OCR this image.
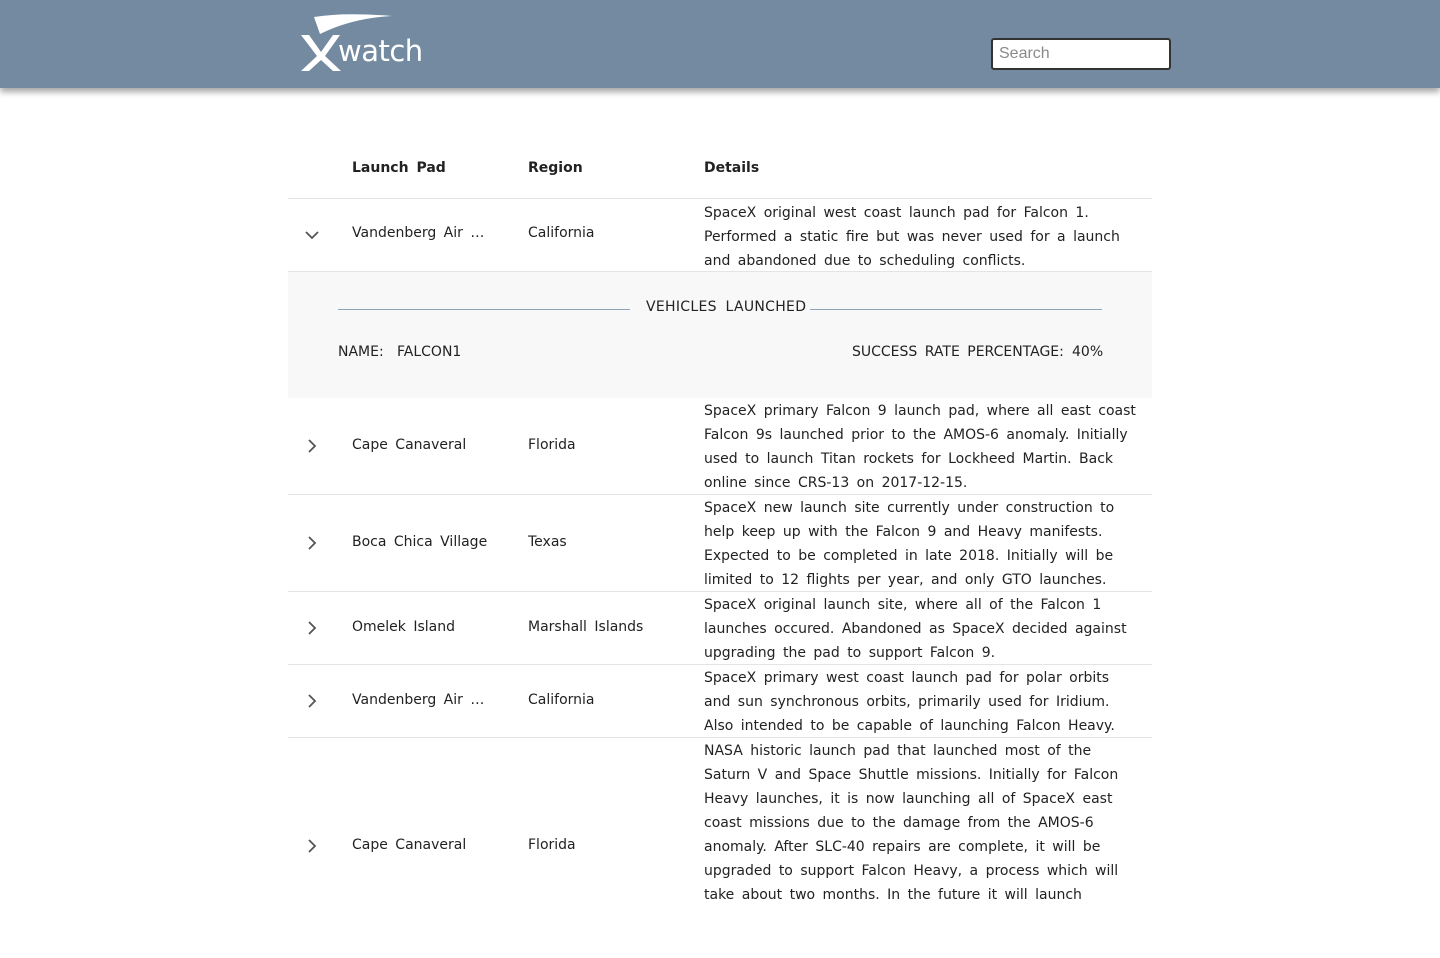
watch
Search
Launch Pad	Region	Details
Vandenberg Air F…	California
SpaceX original west coast launch pad for Falcon 1. Performed a static fire but was never used for a launch and abandoned due to scheduling conflicts.
VEHICLES LAUNCHED
NAME: FALCON1	SUCCESS RATE PERCENTAGE: 40%
Cape Canaveral	Florida
SpaceX primary Falcon 9 launch pad, where all east coast Falcon 9s launched prior to the AMOS-6 anomaly. Initially used to launch Titan rockets for Lockheed Martin. Back online since CRS-13 on 2017-12-15.
Boca Chica Village	Texas
SpaceX new launch site currently under construction to help keep up with the Falcon 9 and Heavy manifests. Expected to be completed in late 2018. Initially will be limited to 12 flights per year, and only GTO launches.
Omelek Island	Marshall Islands
SpaceX original launch site, where all of the Falcon 1 launches occured. Abandoned as SpaceX decided against upgrading the pad to support Falcon 9.
Vandenberg Air F…	California
SpaceX primary west coast launch pad for polar orbits and sun synchronous orbits, primarily used for Iridium. Also intended to be capable of launching Falcon Heavy.
Cape Canaveral	Florida
NASA historic launch pad that launched most of the Saturn V and Space Shuttle missions. Initially for Falcon Heavy launches, it is now launching all of SpaceX east coast missions due to the damage from the AMOS-6 anomaly. After SLC-40 repairs are complete, it will be upgraded to support Falcon Heavy, a process which will take about two months. In the future it will launch
